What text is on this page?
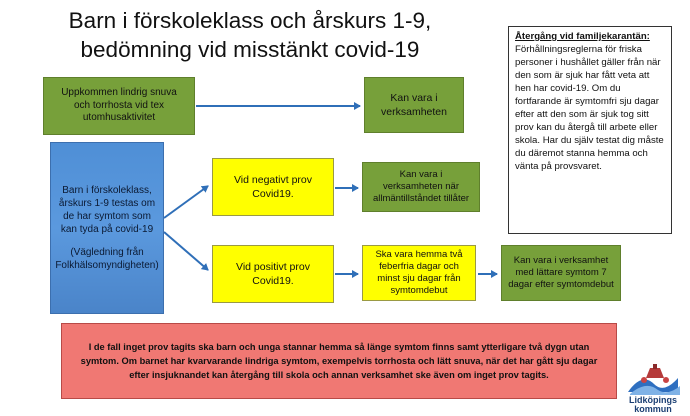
Barn i förskoleklass och årskurs 1-9,
bedömning vid misstänkt covid-19
Uppkommen lindrig snuva och torrhosta vid tex utomhusaktivitet
Kan vara i verksamheten
Barn i förskoleklass, årskurs 1-9 testas om de har symtom som kan tyda på covid-19
(Vägledning från Folkhälsomyndigheten)
Vid negativt prov Covid19.
Kan vara i verksamheten när allmäntillståndet tillåter
Vid positivt prov Covid19.
Ska vara hemma två feberfria dagar och minst sju dagar från symtomdebut
Kan vara i verksamhet med lättare symtom 7 dagar efter symtomdebut
I de fall inget prov tagits ska barn och unga stannar hemma så länge symtom finns samt ytterligare två dygn utan symtom. Om barnet har kvarvarande lindriga symtom, exempelvis torrhosta och lätt snuva, när det har gått sju dagar efter insjuknandet kan återgång till skola och annan verksamhet ske även om inget prov tagits.
Återgång vid familjekarantän:
Förhållningsreglerna för friska personer i hushållet gäller från när den som är sjuk har fått veta att hen har covid-19. Om du fortfarande är symtomfri sju dagar efter att den som är sjuk tog sitt prov kan du återgå till arbete eller skola. Har du själv testat dig måste du däremot stanna hemma och vänta på provsvaret.
Lidköpings
kommun
